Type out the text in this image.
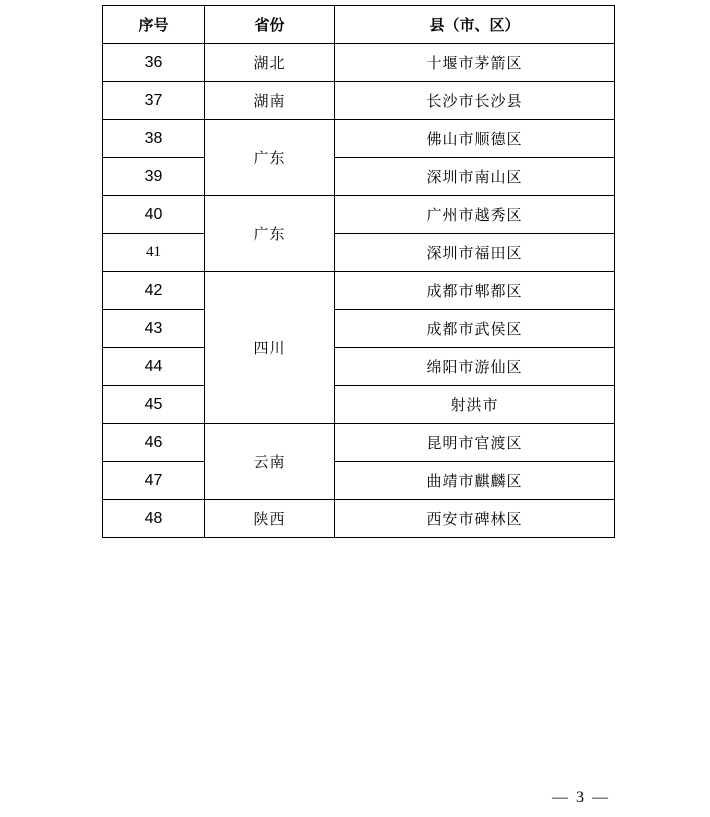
序号	省份	县（市、区）
36	湖北	十堰市茅箭区
37	湖南	长沙市长沙县
38	广东	佛山市顺德区
39		深圳市南山区
40	广东	广州市越秀区
41		深圳市福田区
42	四川	成都市郫都区
43		成都市武侯区
44		绵阳市游仙区
45		射洪市
46	云南	昆明市官渡区
47		曲靖市麒麟区
48	陕西	西安市碑林区
— 3 —
